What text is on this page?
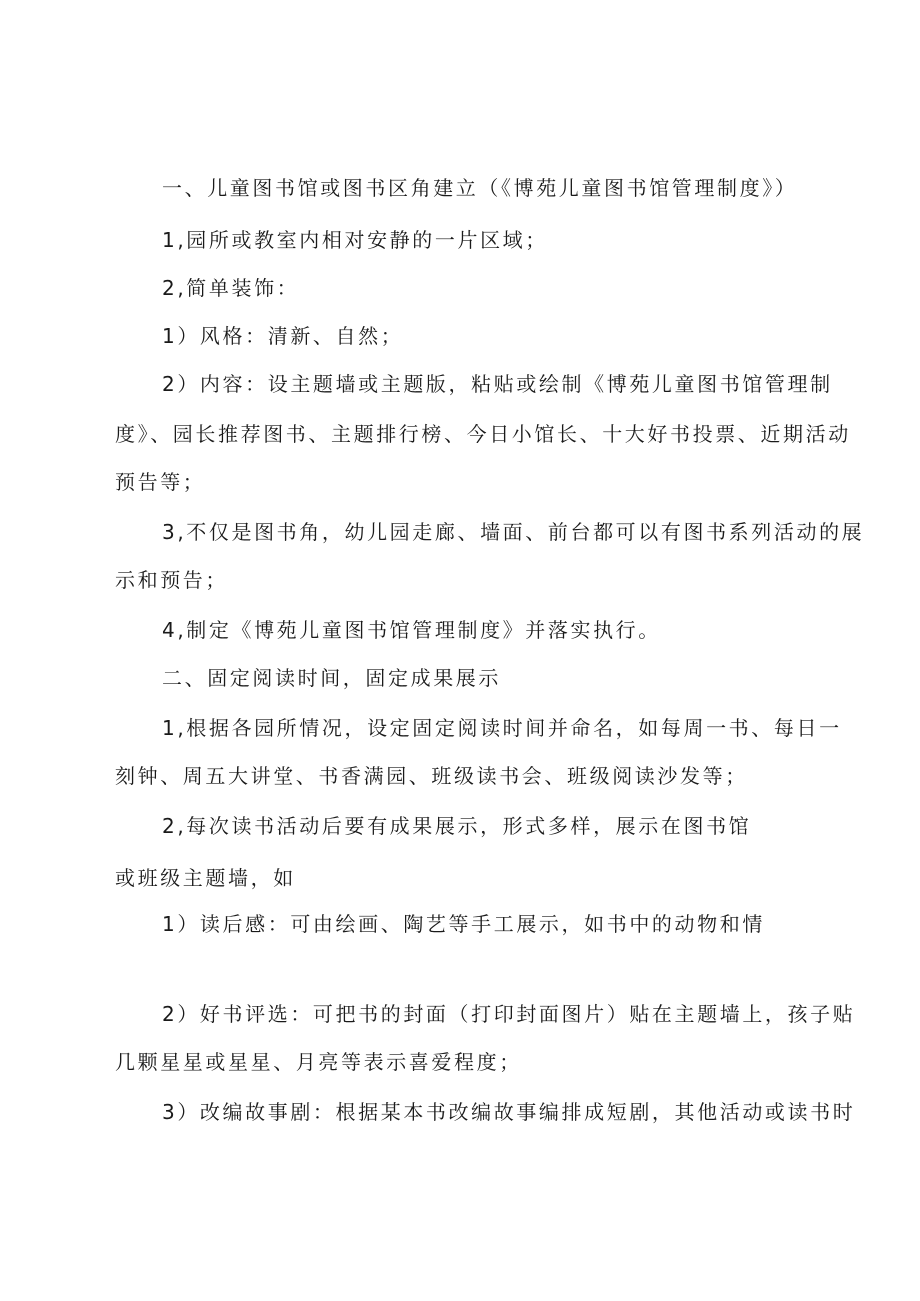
一、儿童图书馆或图书区角建立（《博苑儿童图书馆管理制度》）
1,园所或教室内相对安静的一片区域；
2,简单装饰：
1）风格：清新、自然；
2）内容：设主题墙或主题版，粘贴或绘制《博苑儿童图书馆管理制
度》、园长推荐图书、主题排行榜、今日小馆长、十大好书投票、近期活动
预告等；
3,不仅是图书角，幼儿园走廊、墙面、前台都可以有图书系列活动的展
示和预告；
4,制定《博苑儿童图书馆管理制度》并落实执行。
二、固定阅读时间，固定成果展示
1,根据各园所情况，设定固定阅读时间并命名，如每周一书、每日一
刻钟、周五大讲堂、书香满园、班级读书会、班级阅读沙发等；
2,每次读书活动后要有成果展示，形式多样，展示在图书馆
或班级主题墙，如
1）读后感：可由绘画、陶艺等手工展示，如书中的动物和情
2）好书评选：可把书的封面（打印封面图片）贴在主题墙上，孩子贴
几颗星星或星星、月亮等表示喜爱程度；
3）改编故事剧：根据某本书改编故事编排成短剧，其他活动或读书时
